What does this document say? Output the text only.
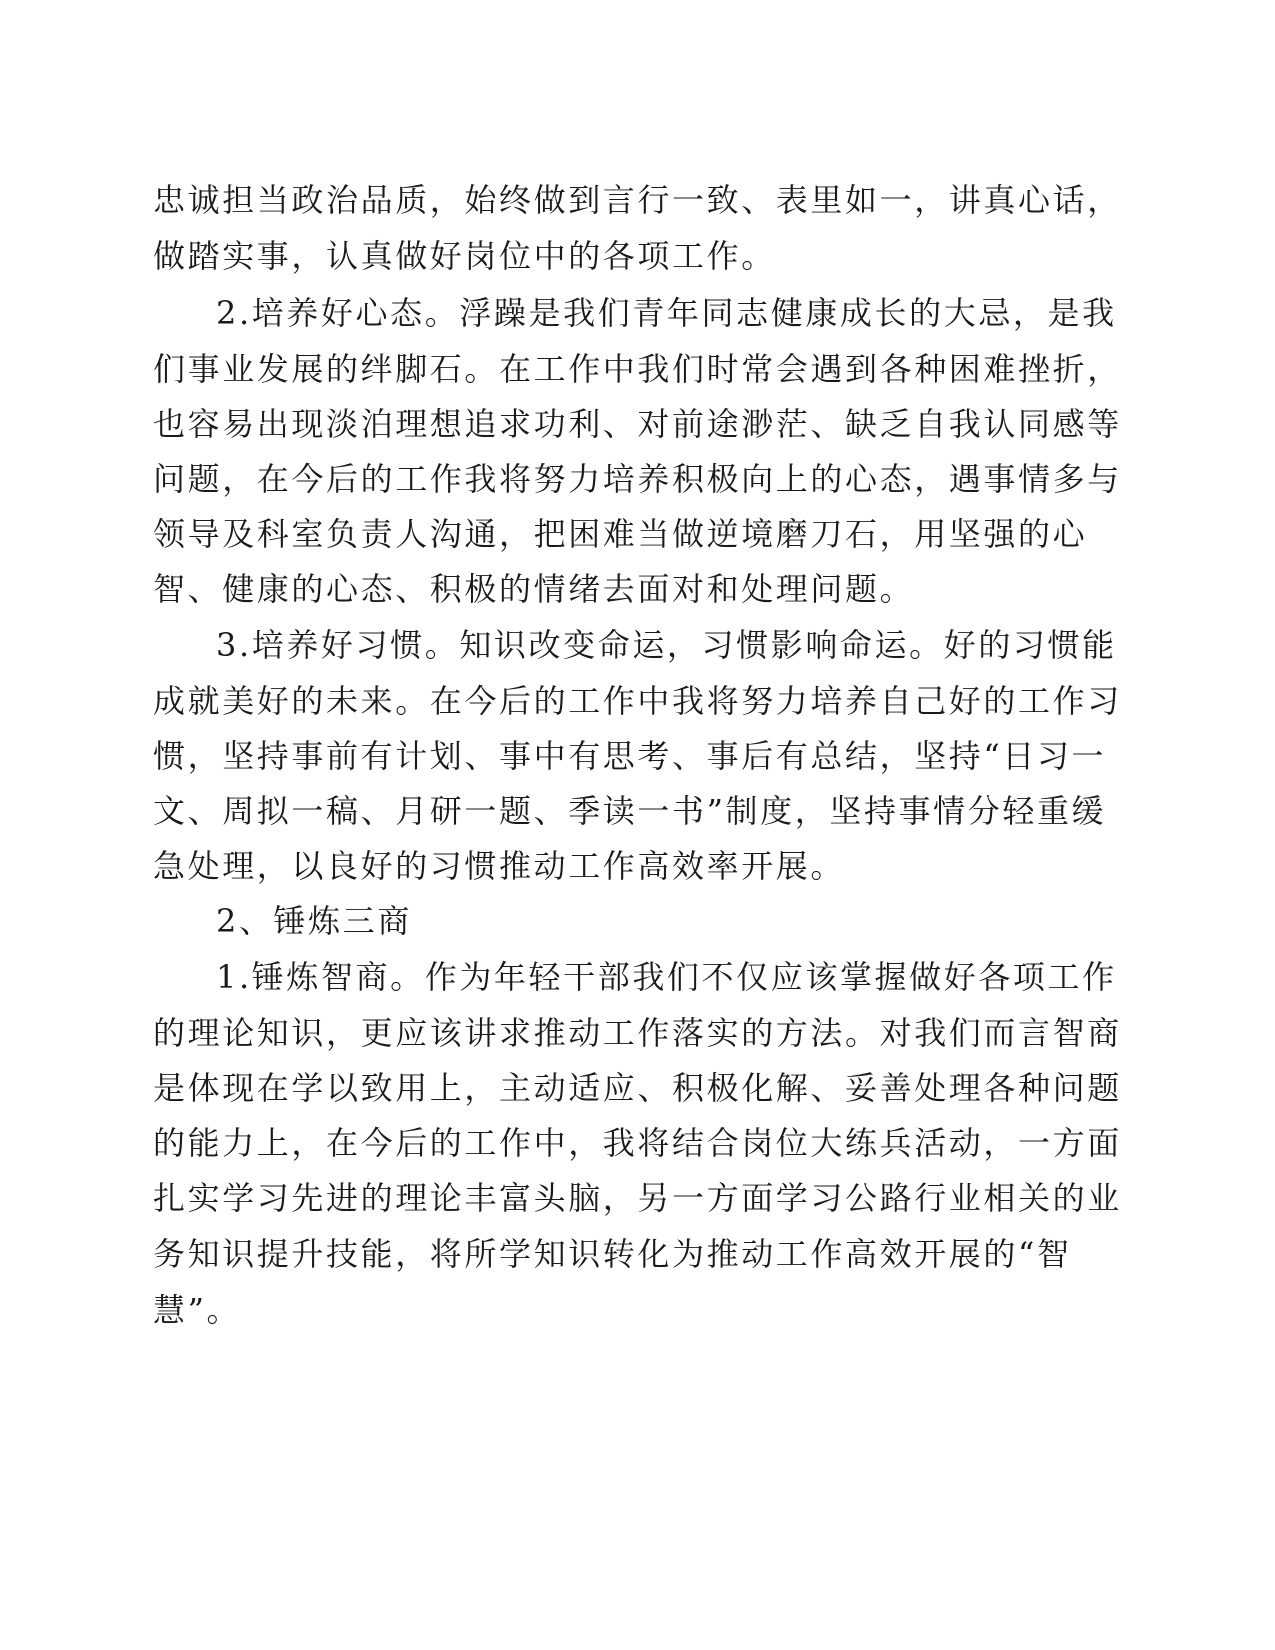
忠诚担当政治品质，始终做到言行一致、表里如一，讲真心话，
做踏实事，认真做好岗位中的各项工作。
2.培养好心态。浮躁是我们青年同志健康成长的大忌，是我
们事业发展的绊脚石。在工作中我们时常会遇到各种困难挫折，
也容易出现淡泊理想追求功利、对前途渺茫、缺乏自我认同感等
问题，在今后的工作我将努力培养积极向上的心态，遇事情多与
领导及科室负责人沟通，把困难当做逆境磨刀石，用坚强的心
智、健康的心态、积极的情绪去面对和处理问题。
3.培养好习惯。知识改变命运，习惯影响命运。好的习惯能
成就美好的未来。在今后的工作中我将努力培养自己好的工作习
惯，坚持事前有计划、事中有思考、事后有总结，坚持“日习一
文、周拟一稿、月研一题、季读一书”制度，坚持事情分轻重缓
急处理，以良好的习惯推动工作高效率开展。
2、锤炼三商
1.锤炼智商。作为年轻干部我们不仅应该掌握做好各项工作
的理论知识，更应该讲求推动工作落实的方法。对我们而言智商
是体现在学以致用上，主动适应、积极化解、妥善处理各种问题
的能力上，在今后的工作中，我将结合岗位大练兵活动，一方面
扎实学习先进的理论丰富头脑，另一方面学习公路行业相关的业
务知识提升技能，将所学知识转化为推动工作高效开展的“智
慧”。
